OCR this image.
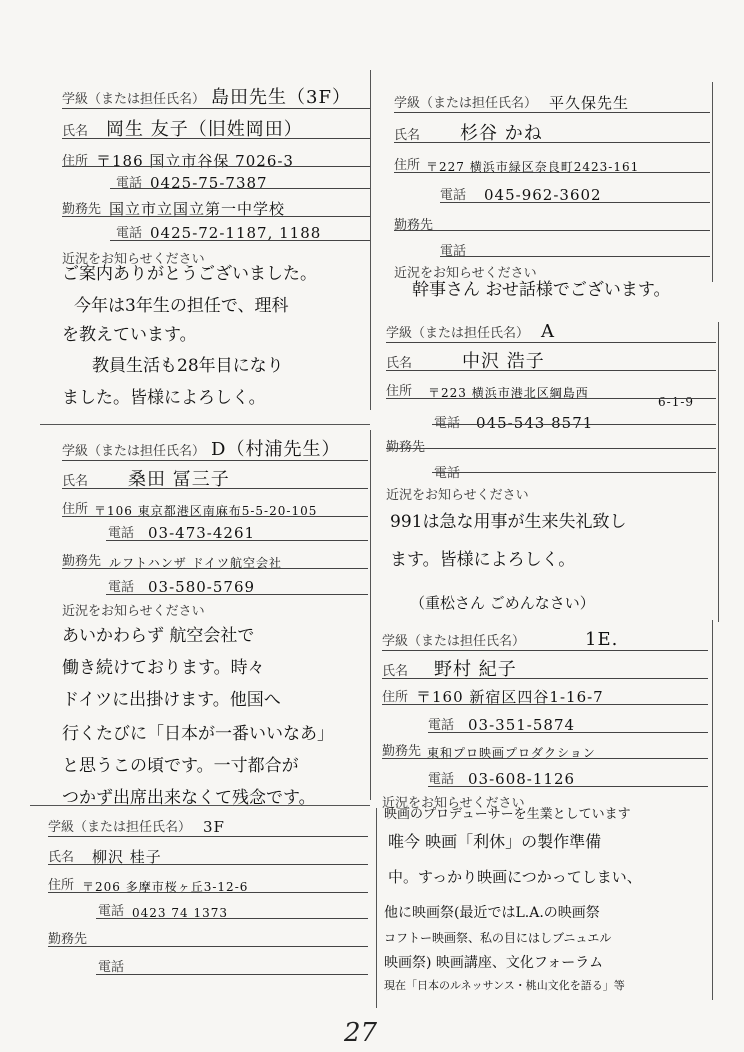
学級（または担任氏名） 島田先生（3F）
氏名 岡生 友子（旧姓岡田）
住所 〒186 国立市谷保 7026-3
電話 0425-75-7387
勤務先 国立市立国立第一中学校
電話 0425-72-1187, 1188
近況をお知らせください
ご案内ありがとうございました。
今年は3年生の担任で、理科
を教えています。
教員生活も28年目になり
ました。皆様によろしく。
学級（または担任氏名） 平久保先生
氏名 杉谷 かね
住所 〒227 横浜市緑区奈良町2423-161
電話 045-962-3602
勤務先
電話
近況をお知らせください
幹事さん おせ話様でございます。
学級（または担任氏名） A
氏名	中沢 浩子
住所 〒223 横浜市港北区綱島西
6-1-9
電話 045-543 8571
勤務先
電話
近況をお知らせください
991は急な用事が生来失礼致し
ます。皆様によろしく。
（重松さん ごめんなさい）
学級（または担任氏名） D（村浦先生）
氏名 桑田 冨三子
住所 〒106 東京都港区南麻布5-5-20-105
電話 03-473-4261
勤務先 ルフトハンザ ドイツ航空会社
電話 03-580-5769
近況をお知らせください
あいかわらず 航空会社で
働き続けております。時々
ドイツに出掛けます。他国へ
行くたびに「日本が一番いいなあ」
と思うこの頃です。一寸都合が
つかず出席出来なくて残念です。
学級（または担任氏名）	1E.
氏名 野村 紀子
住所 〒160 新宿区四谷1-16-7
電話 03-351-5874
勤務先 東和プロ映画プロダクション
電話 03-608-1126
近況をお知らせください
映画のプロデューサーを生業としています
唯今 映画「利休」の製作準備
中。すっかり映画につかってしまい、
他に映画祭(最近ではL.A.の映画祭
コフトー映画祭、私の目にはしブニュエル
映画祭) 映画講座、文化フォーラム
現在「日本のルネッサンス・桃山文化を語る」等
学級（または担任氏名） 3F
氏名 柳沢 桂子
住所 〒206 多摩市桜ヶ丘3-12-6
電話 0423 74 1373
勤務先
電話
27
